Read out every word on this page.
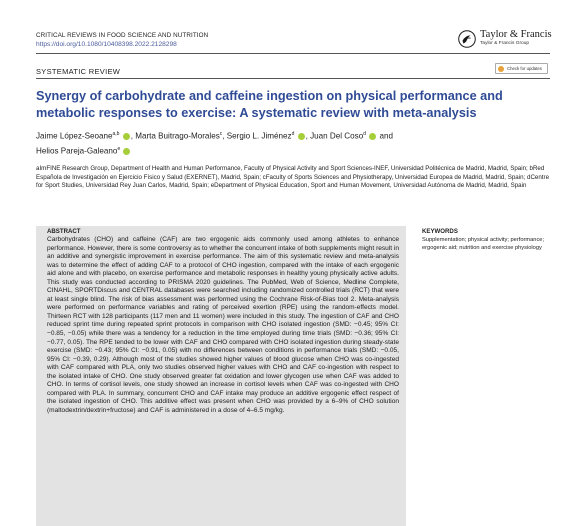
CRITICAL REVIEWS IN FOOD SCIENCE AND NUTRITION
https://doi.org/10.1080/10408398.2022.2128298
Taylor & Francis
Taylor & Francis Group
SYSTEMATIC REVIEW	Check for updates
Synergy of carbohydrate and caffeine ingestion on physical performance and metabolic responses to exercise: A systematic review with meta-analysis
Jaime López-Seoane$^{a,b}$ , Marta Buitrago-Morales$^c$, Sergio L. Jiménez$^d$ , Juan Del Coso$^d$  and
Helios Pareja-Galeano$^e$
aImFINE Research Group, Department of Health and Human Performance, Faculty of Physical Activity and Sport Sciences-INEF, Universidad Politécnica de Madrid, Madrid, Spain; bRed Española de Investigación en Ejercicio Físico y Salud (EXERNET), Madrid, Spain; cFaculty of Sports Sciences and Physiotherapy, Universidad Europea de Madrid, Madrid, Spain; dCentre for Sport Studies, Universidad Rey Juan Carlos, Madrid, Spain; eDepartment of Physical Education, Sport and Human Movement, Universidad Autónoma de Madrid, Madrid, Spain
ABSTRACT

Carbohydrates (CHO) and caffeine (CAF) are two ergogenic aids commonly used among athletes to enhance performance. However, there is some controversy as to whether the concurrent intake of both supplements might result in an additive and synergistic improvement in exercise performance. The aim of this systematic review and meta-analysis was to determine the effect of adding CAF to a protocol of CHO ingestion, compared with the intake of each ergogenic aid alone and with placebo, on exercise performance and metabolic responses in healthy young physically active adults. This study was conducted according to PRISMA 2020 guidelines. The PubMed, Web of Science, Medline Complete, CINAHL, SPORTDiscus and CENTRAL databases were searched including randomized controlled trials (RCT) that were at least single blind. The risk of bias assessment was performed using the Cochrane Risk-of-Bias tool 2. Meta-analysis were performed on performance variables and rating of perceived exertion (RPE) using the random-effects model. Thirteen RCT with 128 participants (117 men and 11 women) were included in this study. The ingestion of CAF and CHO reduced sprint time during repeated sprint protocols in comparison with CHO isolated ingestion (SMD: −0.45; 95% CI: −0.85, −0.05) while there was a tendency for a reduction in the time employed during time trials (SMD: −0.36; 95% CI: −0.77, 0.05). The RPE tended to be lower with CAF and CHO compared with CHO isolated ingestion during steady-state exercise (SMD: −0.43; 95% CI: −0.91, 0.05) with no differences between conditions in performance trials (SMD: −0.05, 95% CI: −0.39, 0.29). Although most of the studies showed higher values of blood glucose when CHO was co-ingested with CAF compared with PLA, only two studies observed higher values with CHO and CAF co-ingestion with respect to the isolated intake of CHO. One study observed greater fat oxidation and lower glycogen use when CAF was added to CHO. In terms of cortisol levels, one study showed an increase in cortisol levels when CAF was co-ingested with CHO compared with PLA. In summary, concurrent CHO and CAF intake may produce an additive ergogenic effect respect of the isolated ingestion of CHO. This additive effect was present when CHO was provided by a 6–9% of CHO solution (maltodextrin/dextrin+fructose) and CAF is administered in a dose of 4–6.5 mg/kg.

KEYWORDS

Supplementation; physical activity; performance; ergogenic aid; nutrition and exercise physiology
